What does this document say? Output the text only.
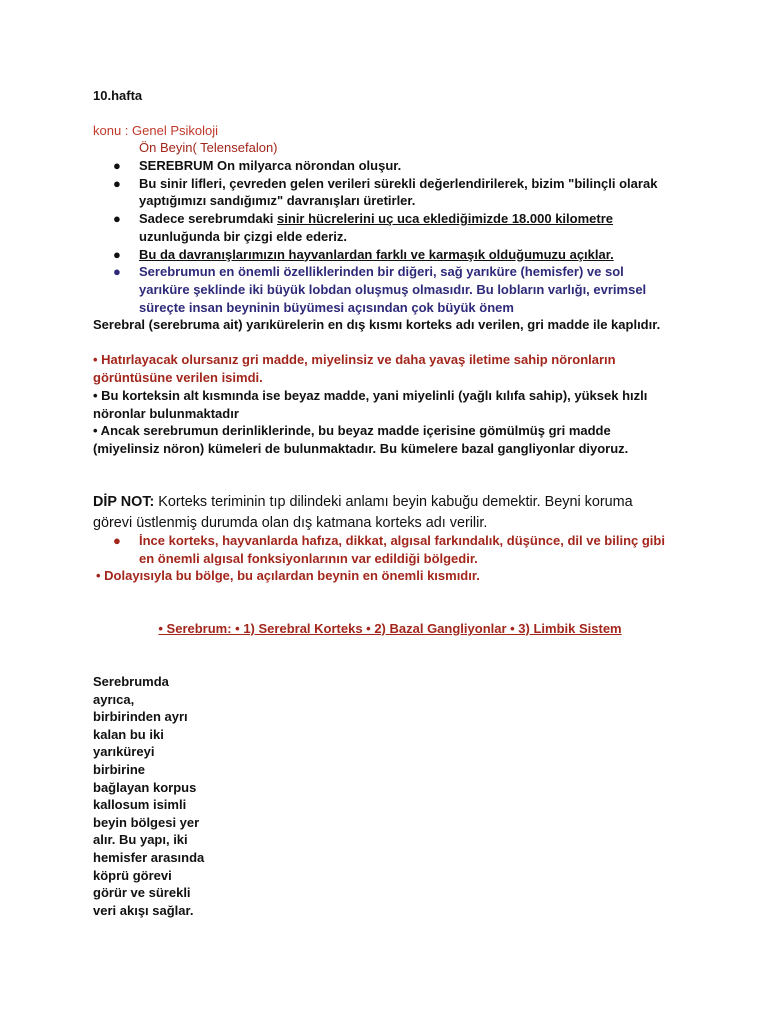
10.hafta

konu : Genel Psikoloji

Ön Beyin( Telensefalon)

● SEREBRUM On milyarca nörondan oluşur.
● Bu sinir lifleri, çevreden gelen verileri sürekli değerlendirilerek, bizim "bilinçli olarak yaptığımızı sandığımız" davranışları üretirler.
● Sadece serebrumdaki sinir hücrelerini uç uca eklediğimizde 18.000 kilometre uzunluğunda bir çizgi elde ederiz.
● Bu da davranışlarımızın hayvanlardan farklı ve karmaşık olduğumuzu açıklar.
● Serebrumun en önemli özelliklerinden bir diğeri, sağ yarıküre (hemisfer) ve sol yarıküre şeklinde iki büyük lobdan oluşmuş olmasıdır. Bu lobların varlığı, evrimsel süreçte insan beyninin büyümesi açısından çok büyük önem

Serebral (serebruma ait) yarıkürelerin en dış kısmı korteks adı verilen, gri madde ile kaplıdır.

• Hatırlayacak olursanız gri madde, miyelinsiz ve daha yavaş iletime sahip nöronların görüntüsüne verilen isimdi.

• Bu korteksin alt kısmında ise beyaz madde, yani miyelinli (yağlı kılıfa sahip), yüksek hızlı nöronlar bulunmaktadır

• Ancak serebrumun derinliklerinde, bu beyaz madde içerisine gömülmüş gri madde (miyelinsiz nöron) kümeleri de bulunmaktadır. Bu kümelere bazal gangliyonlar diyoruz.

DİP NOT: Korteks teriminin tıp dilindeki anlamı beyin kabuğu demektir. Beyni koruma görevi üstlenmiş durumda olan dış katmana korteks adı verilir.

● İnce korteks, hayvanlarda hafıza, dikkat, algısal farkındalık, düşünce, dil ve bilinç gibi en önemli algısal fonksiyonlarının var edildiği bölgedir.

• Dolayısıyla bu bölge, bu açılardan beynin en önemli kısmıdır.

• Serebrum: • 1) Serebral Korteks • 2) Bazal Gangliyonlar • 3) Limbik Sistem
Serebrumda
ayrıca,
birbirinden ayrı
kalan bu iki
yarıküreyi
birbirine
bağlayan korpus
kallosum isimli
beyin bölgesi yer
alır. Bu yapı, iki
hemisfer arasında
köprü görevi
görür ve sürekli
veri akışı sağlar.
